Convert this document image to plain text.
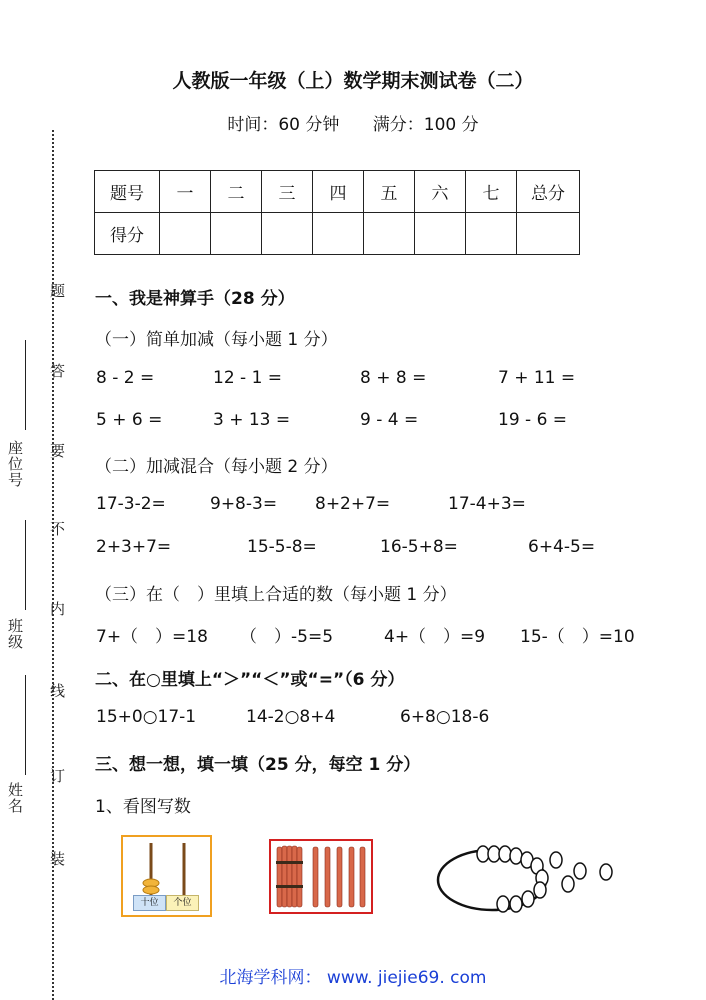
题
答
要
不
内
线
订
装
座位号
班级
姓名
人教版一年级（上）数学期末测试卷（二）
时间：60 分钟 满分：100 分
题号	一	二	三	四	五	六	七	总分
得分								
一、我是神算手（28 分）
（一）简单加减（每小题 1 分）
8 - 2 =	12 - 1 =	8 + 8 =	7 + 11 =
5 + 6 =	3 + 13 =	9 - 4 =	19 - 6 =
（二）加减混合（每小题 2 分）
17-3-2=	9+8-3= 8+2+7=	17-4+3=
2+3+7=	15-5-8=	16-5+8=	6+4-5=
（三）在（　）里填上合适的数（每小题 1 分）
7+（　）=18 （　）-5=5	4+（　）=9 15-（　）=10
二、在○里填上“＞”“＜”或“=”（6 分）
15+0○17-1	14-2○8+4	6+8○18-6
三、想一想，填一填（25 分，每空 1 分）
1、看图写数
十位	个位
北海学科网： www. jiejie69. com
